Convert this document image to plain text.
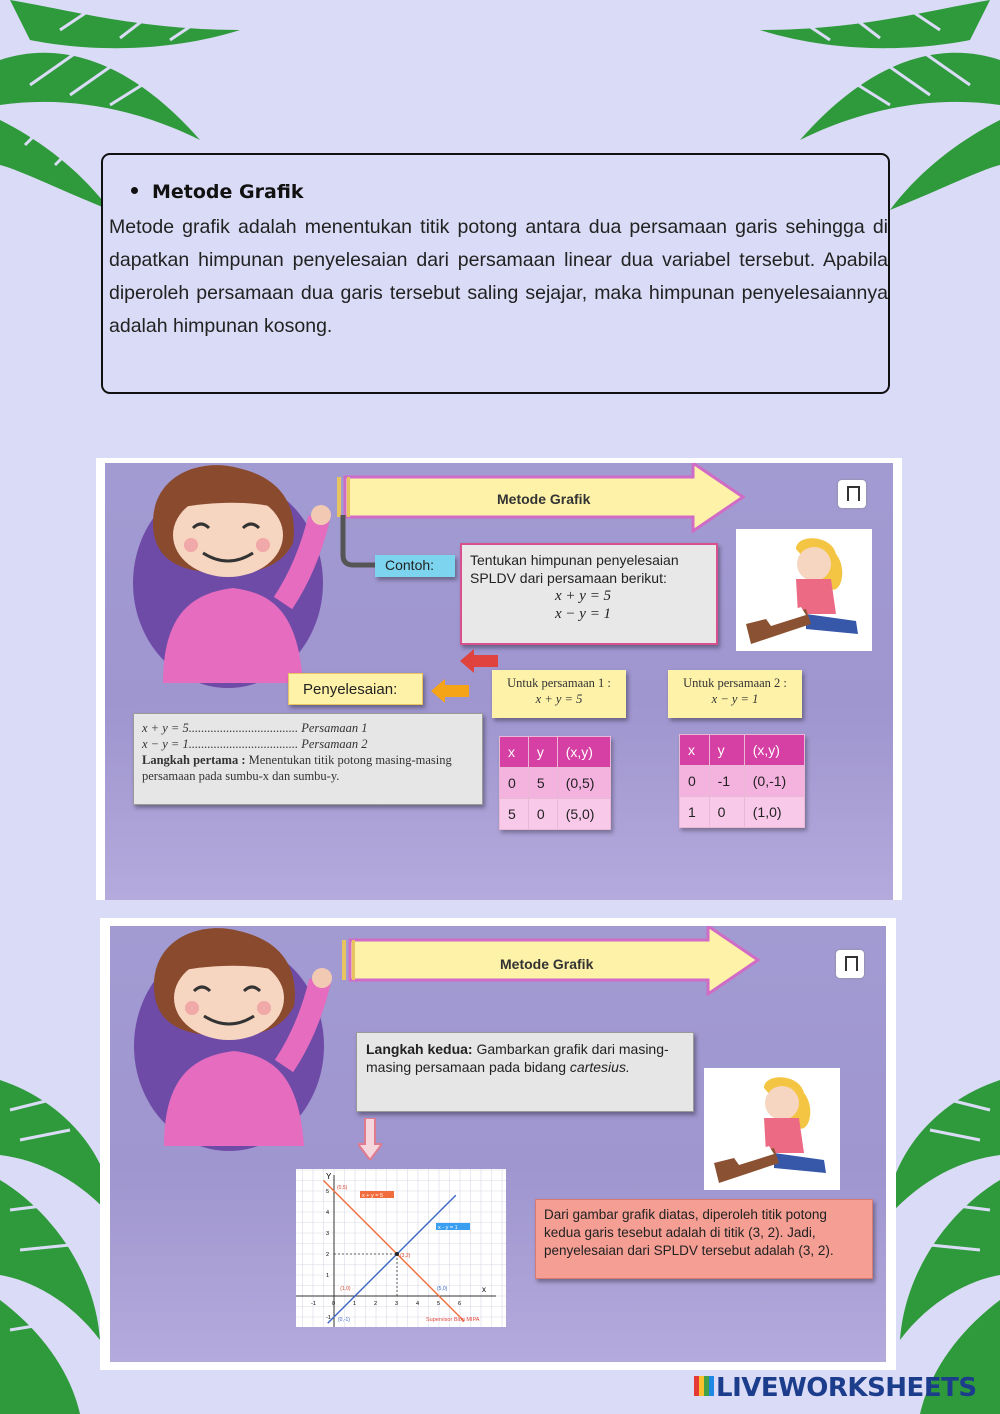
Metode Grafik
Metode grafik adalah menentukan titik potong antara dua persamaan garis sehingga di dapatkan himpunan penyelesaian dari persamaan linear dua variabel tersebut. Apabila diperoleh persamaan dua garis tersebut saling sejajar, maka himpunan penyelesaiannya adalah himpunan kosong.
Metode Grafik
Contoh:	Tentukan himpunan penyelesaian
SPLDV dari persamaan berikut:
x + y = 5
x − y = 1
Penyelesaian:
x + y = 5................................... Persamaan 1
x − y = 1................................... Persamaan 2
Langkah pertama : Menentukan titik potong masing-masing persamaan pada sumbu-x dan sumbu-y.
Untuk persamaan 1 :
x + y = 5
Untuk persamaan 2 :
x − y = 1
x	y	(x,y)
0	5	(0,5)
5	0	(5,0)
x	y	(x,y)
0	-1	(0,-1)
1	0	(1,0)
Metode Grafik
Langkah kedua: Gambarkan grafik dari masing-masing persamaan pada bidang cartesius.
Y
x
-1	0	1	2	3	4	5	6
5
4
3
2
1
-1
x + y = 5
x - y = 1
(0,5)
(3,2)
(1,0)	(5,0)
(0,-1)	Supervisor Blog MIPA
Dari gambar grafik diatas, diperoleh titik potong kedua garis tesebut adalah di titik (3, 2). Jadi, penyelesaian dari SPLDV tersebut adalah (3, 2).
LIVEWORKSHEETS
